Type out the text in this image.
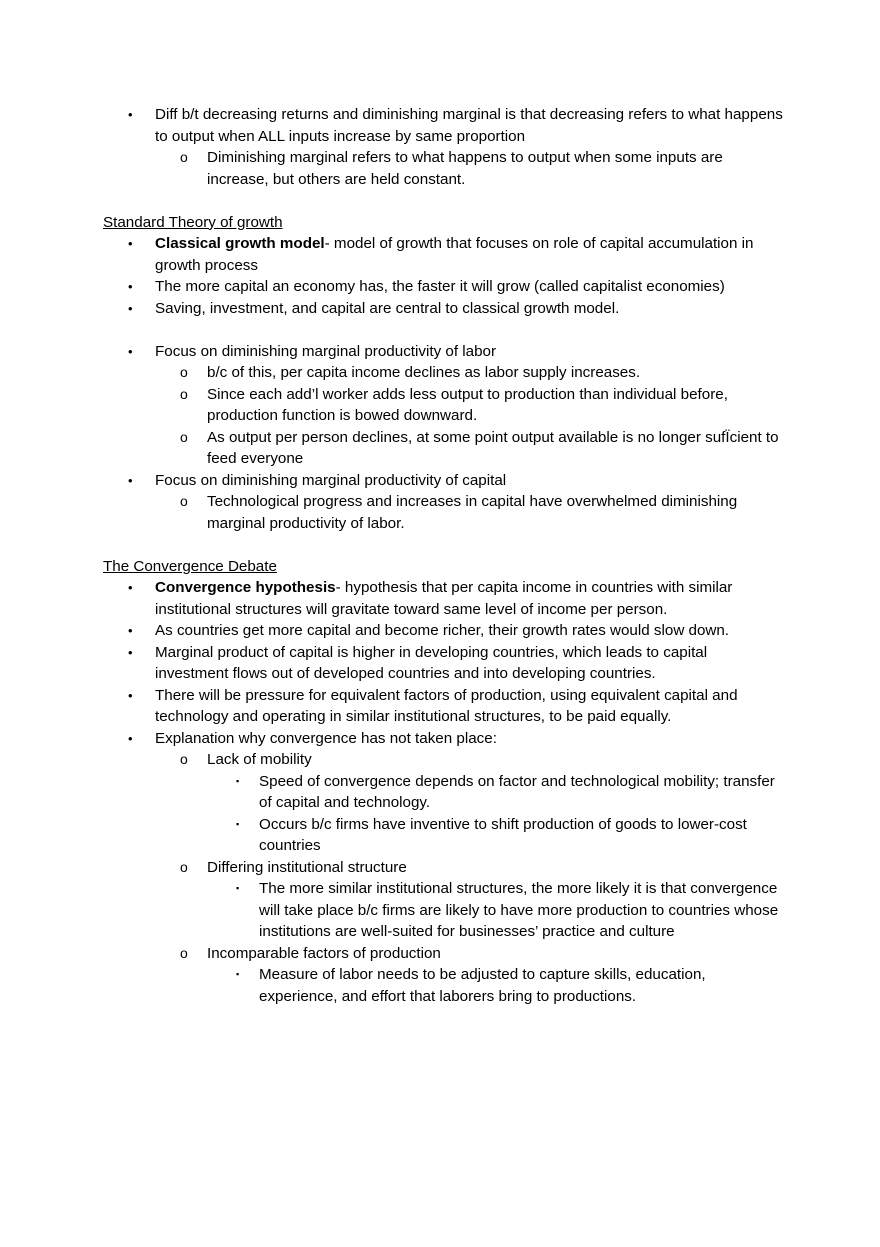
• Diff b/t decreasing returns and diminishing marginal is that decreasing refers to what happens to output when ALL inputs increase by same proportion
o Diminishing marginal refers to what happens to output when some inputs are increase, but others are held constant.
Standard Theory of growth
• Classical growth model- model of growth that focuses on role of capital accumulation in growth process
• The more capital an economy has, the faster it will grow (called capitalist economies)
• Saving, investment, and capital are central to classical growth model.
• Focus on diminishing marginal productivity of labor
o b/c of this, per capita income declines as labor supply increases.
o Since each add’l worker adds less output to production than individual before, production function is bowed downward.
o As output per person declines, at some point output available is no longer sufÏcient to feed everyone
• Focus on diminishing marginal productivity of capital
o Technological progress and increases in capital have overwhelmed diminishing marginal productivity of labor.
The Convergence Debate
• Convergence hypothesis- hypothesis that per capita income in countries with similar institutional structures will gravitate toward same level of income per person.
• As countries get more capital and become richer, their growth rates would slow down.
• Marginal product of capital is higher in developing countries, which leads to capital investment flows out of developed countries and into developing countries.
• There will be pressure for equivalent factors of production, using equivalent capital and technology and operating in similar institutional structures, to be paid equally.
• Explanation why convergence has not taken place:
o Lack of mobility
▪ Speed of convergence depends on factor and technological mobility; transfer of capital and technology.
▪ Occurs b/c firms have inventive to shift production of goods to lower-cost countries
o Differing institutional structure
▪ The more similar institutional structures, the more likely it is that convergence will take place b/c firms are likely to have more production to countries whose institutions are well-suited for businesses’ practice and culture
o Incomparable factors of production
▪ Measure of labor needs to be adjusted to capture skills, education, experience, and effort that laborers bring to productions.
